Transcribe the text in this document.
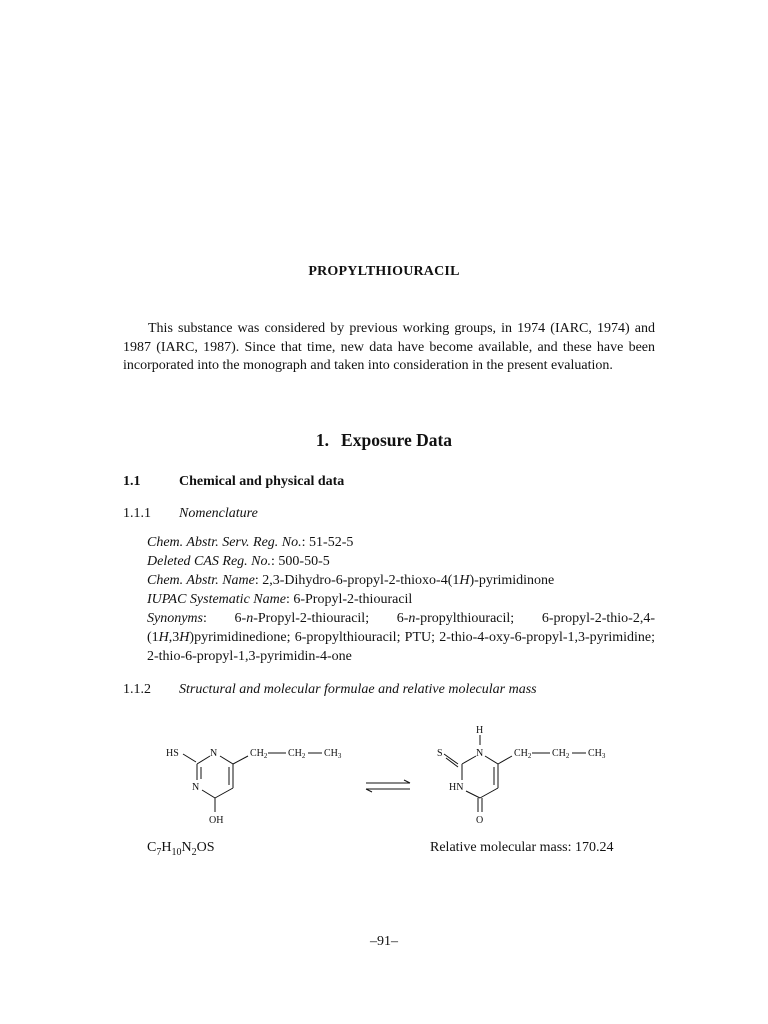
PROPYLTHIOURACIL

This substance was considered by previous working groups, in 1974 (IARC, 1974) and 1987 (IARC, 1987). Since that time, new data have become available, and these have been incorporated into the monograph and taken into consideration in the present evaluation.

1. Exposure Data
1.1	Chemical and physical data
1.1.1 Nomenclature
Chem. Abstr. Serv. Reg. No.: 51-52-5
Deleted CAS Reg. No.: 500-50-5
Chem. Abstr. Name: 2,3-Dihydro-6-propyl-2-thioxo-4(1H)-pyrimidinone
IUPAC Systematic Name: 6-Propyl-2-thiouracil
Synonyms: 6-n-Propyl-2-thiouracil; 6-n-propylthiouracil; 6-propyl-2-thio-2,4-(1H,3H)pyrimidinedione; 6-propylthiouracil; PTU; 2-thio-4-oxy-6-propyl-1,3-pyrimidine; 2-thio-6-propyl-1,3-pyrimidin-4-one
1.1.2 Structural and molecular formulae and relative molecular mass
HS	N
N
OH
$CH_2$ $CH_2$ $CH_3$
H
S	N
HN
O
$CH_2$ $CH_2$ $CH_3$
$C_7H_{10}N_2OS$	Relative molecular mass: 170.24
–91–
